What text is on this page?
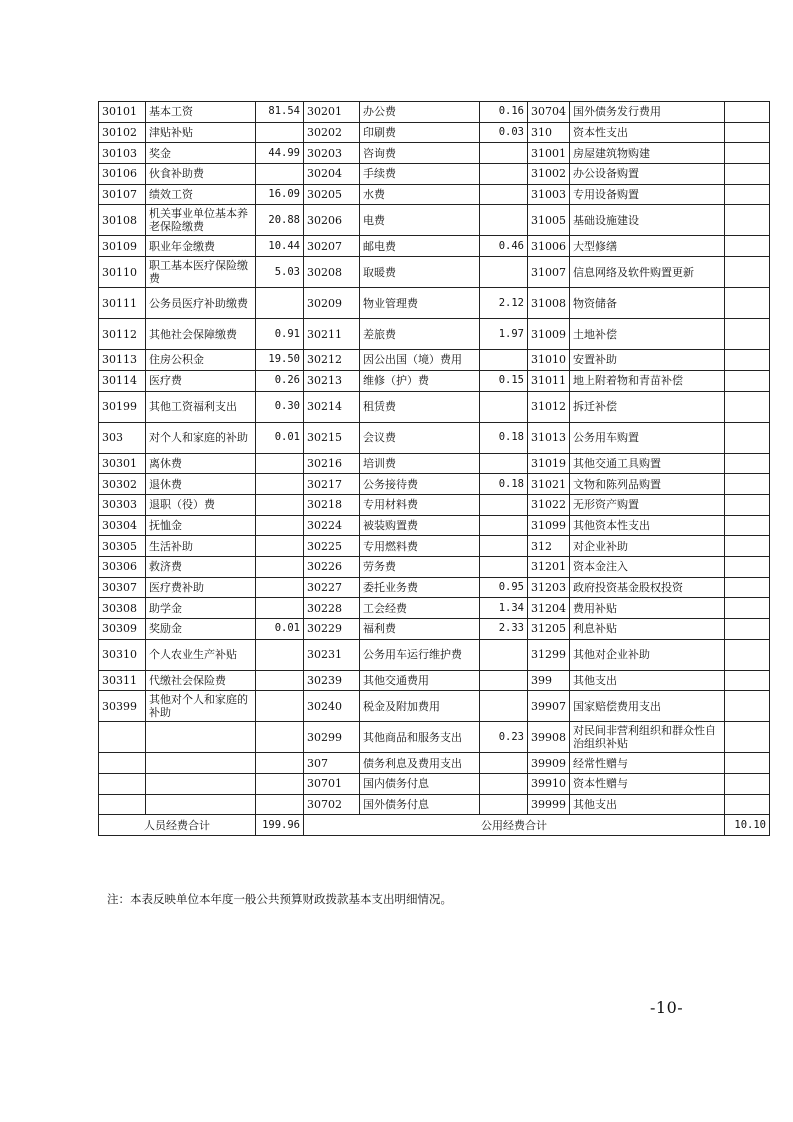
30101	基本工资	81.54	30201	办公费	0.16	30704	国外债务发行费用	
30102	津贴补贴		30202	印刷费	0.03	310	资本性支出	
30103	奖金	44.99	30203	咨询费		31001	房屋建筑物购建	
30106	伙食补助费		30204	手续费		31002	办公设备购置	
30107	绩效工资	16.09	30205	水费		31003	专用设备购置	
30108	机关事业单位基本养老保险缴费	20.88	30206	电费		31005	基础设施建设	
30109	职业年金缴费	10.44	30207	邮电费	0.46	31006	大型修缮	
30110	职工基本医疗保险缴费	5.03	30208	取暖费		31007	信息网络及软件购置更新	
30111	公务员医疗补助缴费		30209	物业管理费	2.12	31008	物资储备	
30112	其他社会保障缴费	0.91	30211	差旅费	1.97	31009	土地补偿	
30113	住房公积金	19.50	30212	因公出国（境）费用		31010	安置补助	
30114	医疗费	0.26	30213	维修（护）费	0.15	31011	地上附着物和青苗补偿	
30199	其他工资福利支出	0.30	30214	租赁费		31012	拆迁补偿	
303	对个人和家庭的补助	0.01	30215	会议费	0.18	31013	公务用车购置	
30301	离休费		30216	培训费		31019	其他交通工具购置	
30302	退休费		30217	公务接待费	0.18	31021	文物和陈列品购置	
30303	退职（役）费		30218	专用材料费		31022	无形资产购置	
30304	抚恤金		30224	被装购置费		31099	其他资本性支出	
30305	生活补助		30225	专用燃料费		312	对企业补助	
30306	救济费		30226	劳务费		31201	资本金注入	
30307	医疗费补助		30227	委托业务费	0.95	31203	政府投资基金股权投资	
30308	助学金		30228	工会经费	1.34	31204	费用补贴	
30309	奖励金	0.01	30229	福利费	2.33	31205	利息补贴	
30310	个人农业生产补贴		30231	公务用车运行维护费		31299	其他对企业补助	
30311	代缴社会保险费		30239	其他交通费用		399	其他支出	
30399	其他对个人和家庭的补助		30240	税金及附加费用		39907	国家赔偿费用支出	
			30299	其他商品和服务支出	0.23	39908	对民间非营利组织和群众性自治组织补贴	
			307	债务利息及费用支出		39909	经常性赠与	
			30701	国内债务付息		39910	资本性赠与	
			30702	国外债务付息		39999	其他支出	
人员经费合计		199.96	公用经费合计					10.10
注：本表反映单位本年度一般公共预算财政拨款基本支出明细情况。
-10-
